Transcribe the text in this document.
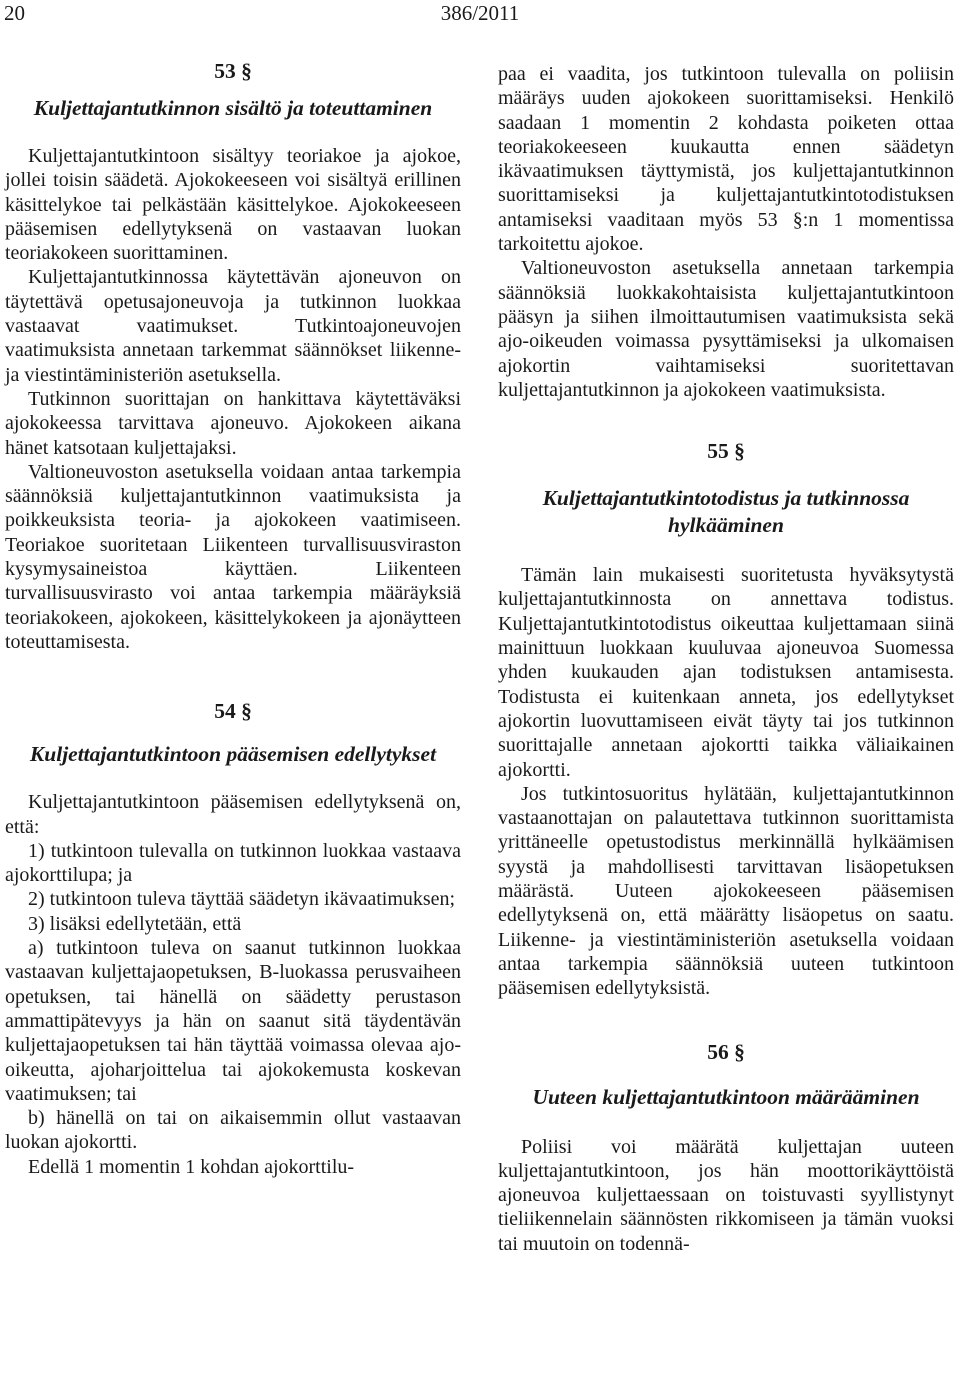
386/2011
20
53 §
Kuljettajantutkinnon sisältö ja toteuttaminen

Kuljettajantutkintoon sisältyy teoriakoe ja ajokoe, jollei toisin säädetä. Ajokokeeseen voi sisältyä erillinen käsittelykoe tai pelkästään käsittelykoe. Ajokokeeseen pääsemisen edellytyksenä on vastaavan luokan teoriakokeen suorittaminen.

Kuljettajantutkinnossa käytettävän ajoneuvon on täytettävä opetusajoneuvoja ja tutkinnon luokkaa vastaavat vaatimukset. Tutkintoajoneuvojen vaatimuksista annetaan tarkemmat säännökset liikenne- ja viestintäministeriön asetuksella.

Tutkinnon suorittajan on hankittava käytettäväksi ajokokeessa tarvittava ajoneuvo. Ajokokeen aikana hänet katsotaan kuljettajaksi.

Valtioneuvoston asetuksella voidaan antaa tarkempia säännöksiä kuljettajantutkinnon vaatimuksista ja poikkeuksista teoria- ja ajokokeen vaatimiseen. Teoriakoe suoritetaan Liikenteen turvallisuusviraston kysymysaineistoa käyttäen. Liikenteen turvallisuusvirasto voi antaa tarkempia määräyksiä teoriakokeen, ajokokeen, käsittelykokeen ja ajonäytteen toteuttamisesta.

54 §
Kuljettajantutkintoon pääsemisen edellytykset

Kuljettajantutkintoon pääsemisen edellytyksenä on, että:

1) tutkintoon tulevalla on tutkinnon luokkaa vastaava ajokorttilupa; ja

2) tutkintoon tuleva täyttää säädetyn ikävaatimuksen;

3) lisäksi edellytetään, että

a) tutkintoon tuleva on saanut tutkinnon luokkaa vastaavan kuljettajaopetuksen, B-luokassa perusvaiheen opetuksen, tai hänellä on säädetty perustason ammattipätevyys ja hän on saanut sitä täydentävän kuljettajaopetuksen tai hän täyttää voimassa olevaa ajo-oikeutta, ajoharjoittelua tai ajokokemusta koskevan vaatimuksen; tai

b) hänellä on tai on aikaisemmin ollut vastaavan luokan ajokortti.

Edellä 1 momentin 1 kohdan ajokorttilu-

paa ei vaadita, jos tutkintoon tulevalla on poliisin määräys uuden ajokokeen suorittamiseksi. Henkilö saadaan 1 momentin 2 kohdasta poiketen ottaa teoriakokeeseen kuukautta ennen säädetyn ikävaatimuksen täyttymistä, jos kuljettajantutkinnon suorittamiseksi ja kuljettajantutkintotodistuksen antamiseksi vaaditaan myös 53 §:n 1 momentissa tarkoitettu ajokoe.

Valtioneuvoston asetuksella annetaan tarkempia säännöksiä luokkakohtaisista kuljettajantutkintoon pääsyn ja siihen ilmoittautumisen vaatimuksista sekä ajo-oikeuden voimassa pysyttämiseksi ja ulkomaisen ajokortin vaihtamiseksi suoritettavan kuljettajantutkinnon ja ajokokeen vaatimuksista.

55 §
Kuljettajantutkintotodistus ja tutkinnossa hylkääminen

Tämän lain mukaisesti suoritetusta hyväksytystä kuljettajantutkinnosta on annettava todistus. Kuljettajantutkintotodistus oikeuttaa kuljettamaan siinä mainittuun luokkaan kuuluvaa ajoneuvoa Suomessa yhden kuukauden ajan todistuksen antamisesta. Todistusta ei kuitenkaan anneta, jos edellytykset ajokortin luovuttamiseen eivät täyty tai jos tutkinnon suorittajalle annetaan ajokortti taikka väliaikainen ajokortti.

Jos tutkintosuoritus hylätään, kuljettajantutkinnon vastaanottajan on palautettava tutkinnon suorittamista yrittäneelle opetustodistus merkinnällä hylkäämisen syystä ja mahdollisesti tarvittavan lisäopetuksen määrästä. Uuteen ajokokeeseen pääsemisen edellytyksenä on, että määrätty lisäopetus on saatu. Liikenne- ja viestintäministeriön asetuksella voidaan antaa tarkempia säännöksiä uuteen tutkintoon pääsemisen edellytyksistä.

56 §
Uuteen kuljettajantutkintoon määrääminen

Poliisi voi määrätä kuljettajan uuteen kuljettajantutkintoon, jos hän moottorikäyttöistä ajoneuvoa kuljettaessaan on toistuvasti syyllistynyt tieliikennelain säännösten rikkomiseen ja tämän vuoksi tai muutoin on todennä-
